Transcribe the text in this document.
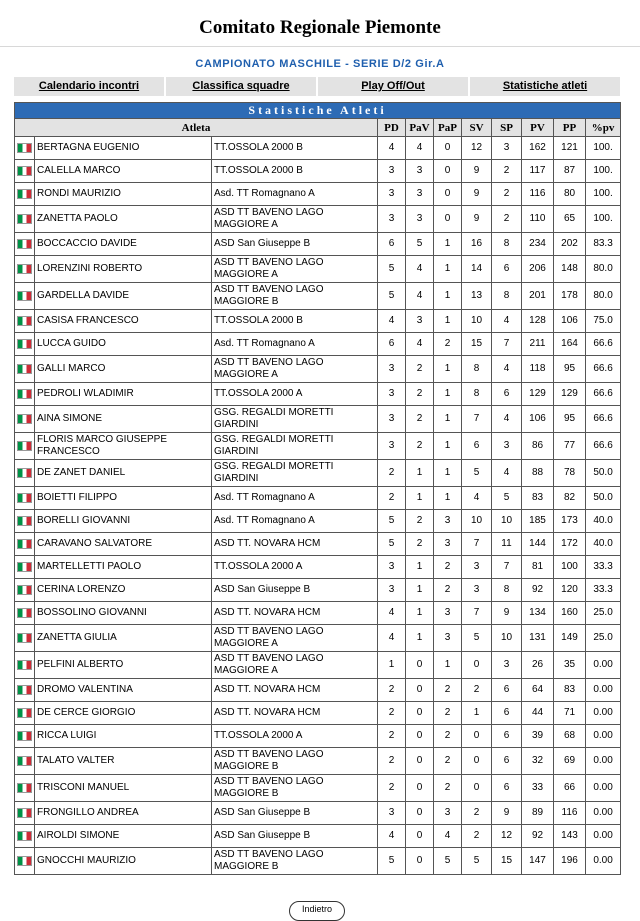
Comitato Regionale Piemonte
CAMPIONATO MASCHILE - SERIE D/2 Gir.A
Calendario incontri	Classifica squadre	Play Off/Out	Statistiche atleti
Statistiche Atleti										
Atleta			PD	PaV	PaP	SV	SP	PV	PP	%pv

	BERTAGNA EUGENIO	TT.OSSOLA 2000 B	4	4	0	12	3	162	121	100.

	CALELLA MARCO	TT.OSSOLA 2000 B	3	3	0	9	2	117	87	100.

	RONDI MAURIZIO	Asd. TT Romagnano A	3	3	0	9	2	116	80	100.

	ZANETTA PAOLO	ASD TT BAVENO LAGO MAGGIORE A	3	3	0	9	2	110	65	100.

	BOCCACCIO DAVIDE	ASD San Giuseppe B	6	5	1	16	8	234	202	83.3

	LORENZINI ROBERTO	ASD TT BAVENO LAGO MAGGIORE A	5	4	1	14	6	206	148	80.0

	GARDELLA DAVIDE	ASD TT BAVENO LAGO MAGGIORE B	5	4	1	13	8	201	178	80.0

	CASISA FRANCESCO	TT.OSSOLA 2000 B	4	3	1	10	4	128	106	75.0

	LUCCA GUIDO	Asd. TT Romagnano A	6	4	2	15	7	211	164	66.6

	GALLI MARCO	ASD TT BAVENO LAGO MAGGIORE A	3	2	1	8	4	118	95	66.6

	PEDROLI WLADIMIR	TT.OSSOLA 2000 A	3	2	1	8	6	129	129	66.6

	AINA SIMONE	GSG. REGALDI MORETTI GIARDINI	3	2	1	7	4	106	95	66.6

	FLORIS MARCO GIUSEPPE FRANCESCO	GSG. REGALDI MORETTI GIARDINI	3	2	1	6	3	86	77	66.6

	DE ZANET DANIEL	GSG. REGALDI MORETTI GIARDINI	2	1	1	5	4	88	78	50.0

	BOIETTI FILIPPO	Asd. TT Romagnano A	2	1	1	4	5	83	82	50.0

	BORELLI GIOVANNI	Asd. TT Romagnano A	5	2	3	10	10	185	173	40.0

	CARAVANO SALVATORE	ASD TT. NOVARA HCM	5	2	3	7	11	144	172	40.0

	MARTELLETTI PAOLO	TT.OSSOLA 2000 A	3	1	2	3	7	81	100	33.3

	CERINA LORENZO	ASD San Giuseppe B	3	1	2	3	8	92	120	33.3

	BOSSOLINO GIOVANNI	ASD TT. NOVARA HCM	4	1	3	7	9	134	160	25.0

	ZANETTA GIULIA	ASD TT BAVENO LAGO MAGGIORE A	4	1	3	5	10	131	149	25.0

	PELFINI ALBERTO	ASD TT BAVENO LAGO MAGGIORE A	1	0	1	0	3	26	35	0.00

	DROMO VALENTINA	ASD TT. NOVARA HCM	2	0	2	2	6	64	83	0.00

	DE CERCE GIORGIO	ASD TT. NOVARA HCM	2	0	2	1	6	44	71	0.00

	RICCA LUIGI	TT.OSSOLA 2000 A	2	0	2	0	6	39	68	0.00

	TALATO VALTER	ASD TT BAVENO LAGO MAGGIORE B	2	0	2	0	6	32	69	0.00

	TRISCONI MANUEL	ASD TT BAVENO LAGO MAGGIORE B	2	0	2	0	6	33	66	0.00

	FRONGILLO ANDREA	ASD San Giuseppe B	3	0	3	2	9	89	116	0.00

	AIROLDI SIMONE	ASD San Giuseppe B	4	0	4	2	12	92	143	0.00

	GNOCCHI MAURIZIO	ASD TT BAVENO LAGO MAGGIORE B	5	0	5	5	15	147	196	0.00
Indietro
